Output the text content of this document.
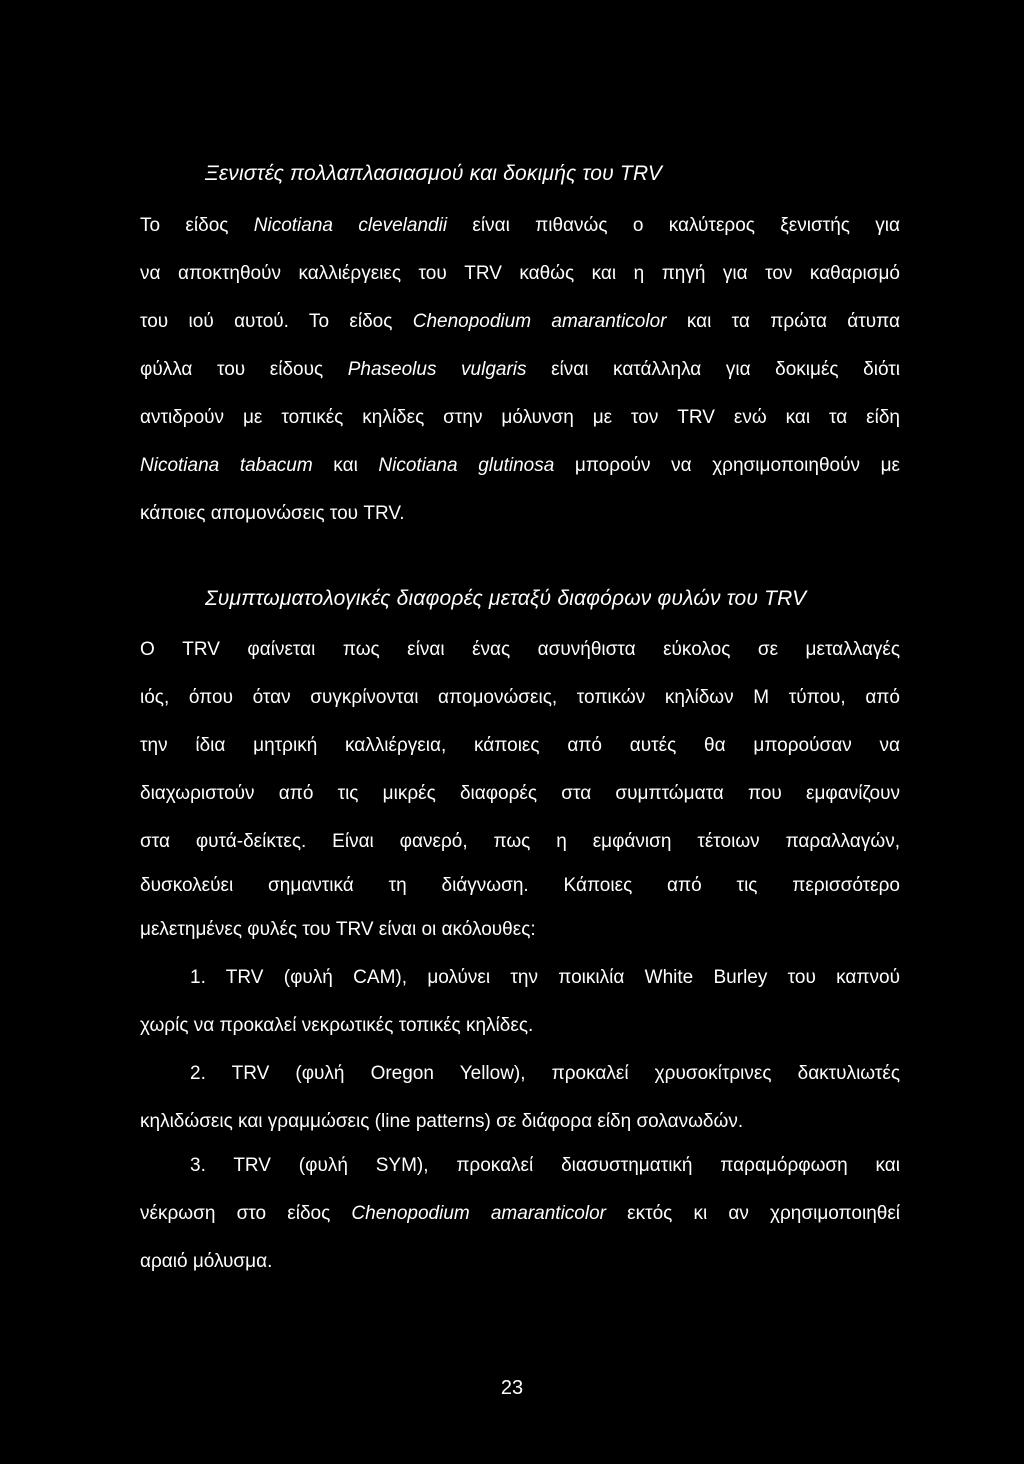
Ξενιστές πολλαπλασιασμού και δοκιμής του TRV
Το είδος Nicotiana clevelandii είναι πιθανώς ο καλύτερος ξενιστής για
να αποκτηθούν καλλιέργειες του TRV καθώς και η πηγή για τον καθαρισμό
του ιού αυτού. Το είδος Chenopodium amaranticolor και τα πρώτα άτυπα
φύλλα του είδους Phaseolus vulgaris είναι κατάλληλα για δοκιμές διότι
αντιδρούν με τοπικές κηλίδες στην μόλυνση με τον TRV ενώ και τα είδη
Nicotiana tabacum και Nicotiana glutinosa μπορούν να χρησιμοποιηθούν με
κάποιες απομονώσεις του TRV.
Συμπτωματολογικές διαφορές μεταξύ διαφόρων φυλών του TRV
Ο TRV φαίνεται πως είναι ένας ασυνήθιστα εύκολος σε μεταλλαγές
ιός, όπου όταν συγκρίνονται απομονώσεις, τοπικών κηλίδων Μ τύπου, από
την ίδια μητρική καλλιέργεια, κάποιες από αυτές θα μπορούσαν να
διαχωριστούν από τις μικρές διαφορές στα συμπτώματα που εμφανίζουν
στα φυτά-δείκτες. Είναι φανερό, πως η εμφάνιση τέτοιων παραλλαγών,
δυσκολεύει σημαντικά τη διάγνωση. Κάποιες από τις περισσότερο
μελετημένες φυλές του TRV είναι οι ακόλουθες:
1. TRV (φυλή CAM), μολύνει την ποικιλία White Burley του καπνού
χωρίς να προκαλεί νεκρωτικές τοπικές κηλίδες.
2. TRV (φυλή Oregon Yellow), προκαλεί χρυσοκίτρινες δακτυλιωτές
κηλιδώσεις και γραμμώσεις (line patterns) σε διάφορα είδη σολανωδών.
3. TRV (φυλή SYM), προκαλεί διασυστηματική παραμόρφωση και
νέκρωση στο είδος Chenopodium amaranticolor εκτός κι αν χρησιμοποιηθεί
αραιό μόλυσμα.
23
